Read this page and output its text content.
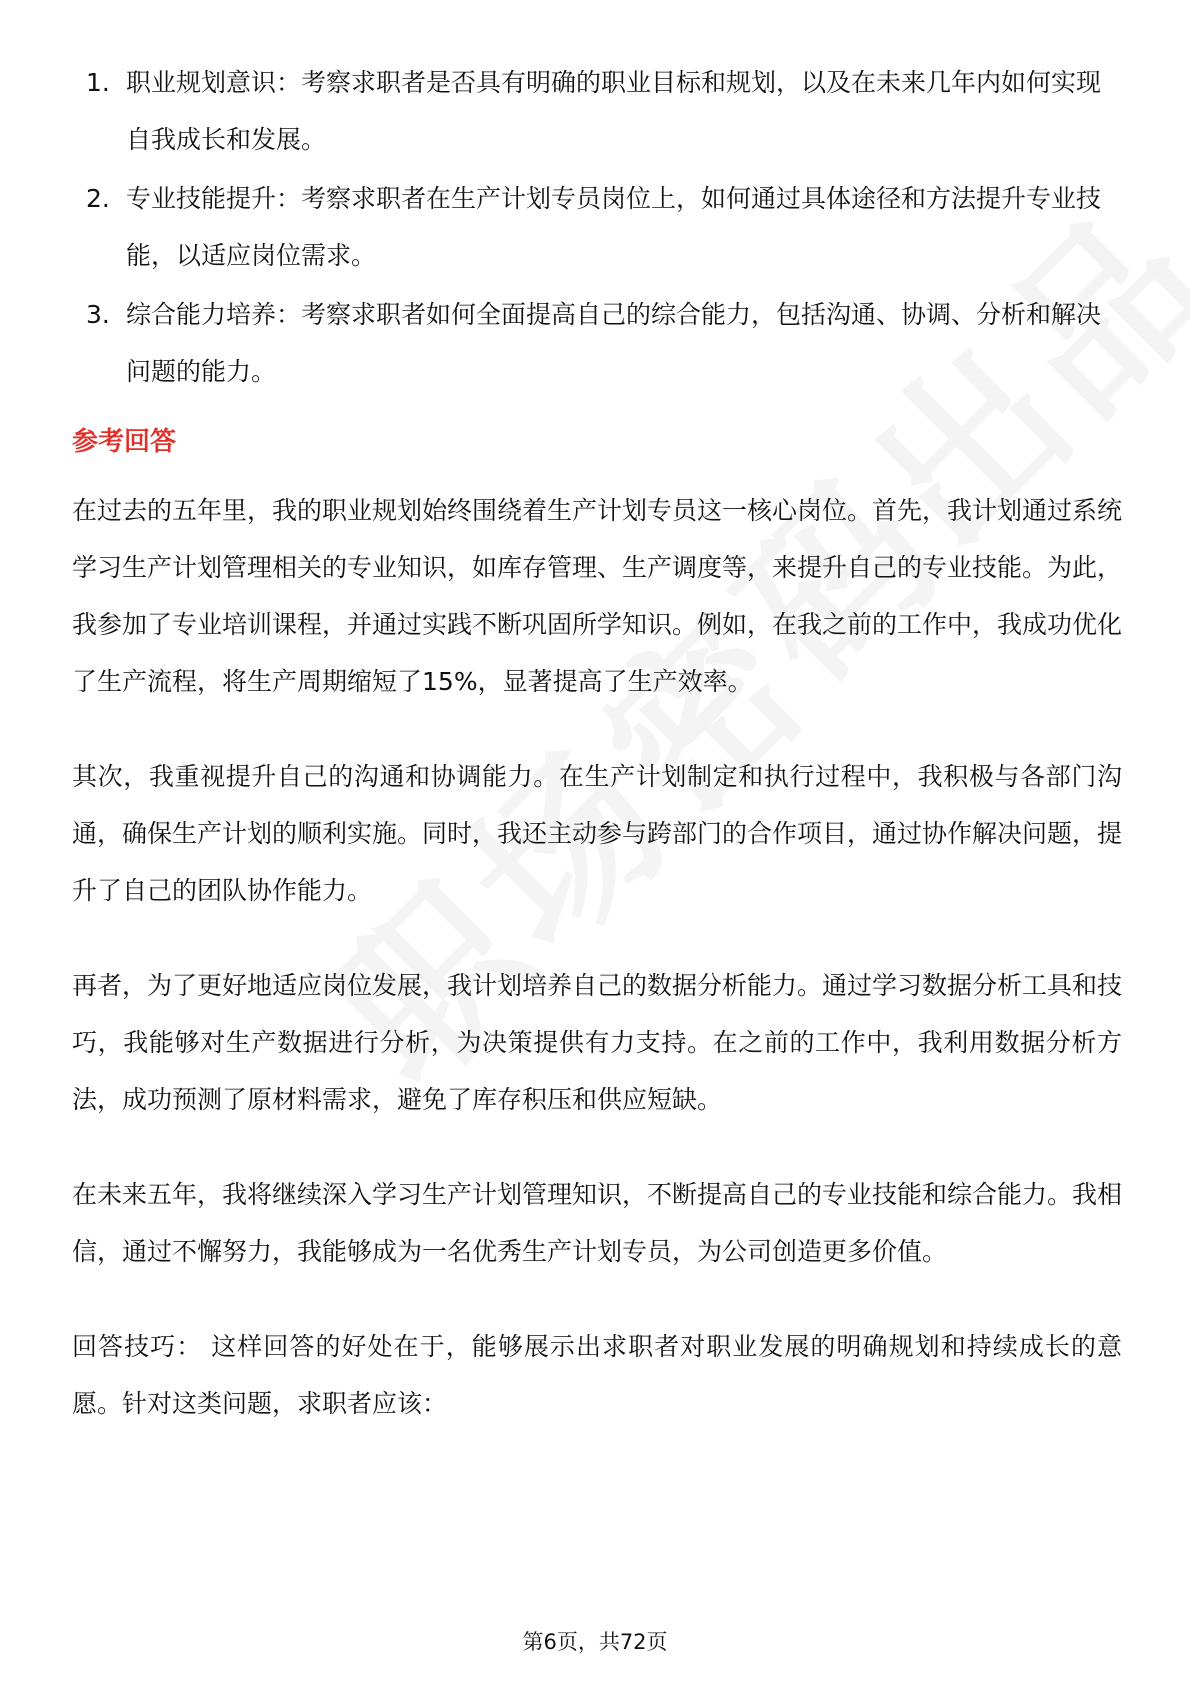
1. 职业规划意识：考察求职者是否具有明确的职业目标和规划，以及在未来几年内如何实现自我成长和发展。
2. 专业技能提升：考察求职者在生产计划专员岗位上，如何通过具体途径和方法提升专业技能，以适应岗位需求。
3. 综合能力培养：考察求职者如何全面提高自己的综合能力，包括沟通、协调、分析和解决问题的能力。
参考回答

在过去的五年里，我的职业规划始终围绕着生产计划专员这一核心岗位。首先，我计划通过系统学习生产计划管理相关的专业知识，如库存管理、生产调度等，来提升自己的专业技能。为此，我参加了专业培训课程，并通过实践不断巩固所学知识。例如，在我之前的工作中，我成功优化了生产流程，将生产周期缩短了15%，显著提高了生产效率。

其次，我重视提升自己的沟通和协调能力。在生产计划制定和执行过程中，我积极与各部门沟通，确保生产计划的顺利实施。同时，我还主动参与跨部门的合作项目，通过协作解决问题，提升了自己的团队协作能力。

再者，为了更好地适应岗位发展，我计划培养自己的数据分析能力。通过学习数据分析工具和技巧，我能够对生产数据进行分析，为决策提供有力支持。在之前的工作中，我利用数据分析方法，成功预测了原材料需求，避免了库存积压和供应短缺。

在未来五年，我将继续深入学习生产计划管理知识，不断提高自己的专业技能和综合能力。我相信，通过不懈努力，我能够成为一名优秀生产计划专员，为公司创造更多价值。

回答技巧： 这样回答的好处在于，能够展示出求职者对职业发展的明确规划和持续成长的意愿。针对这类问题，求职者应该：

第6页，共72页
